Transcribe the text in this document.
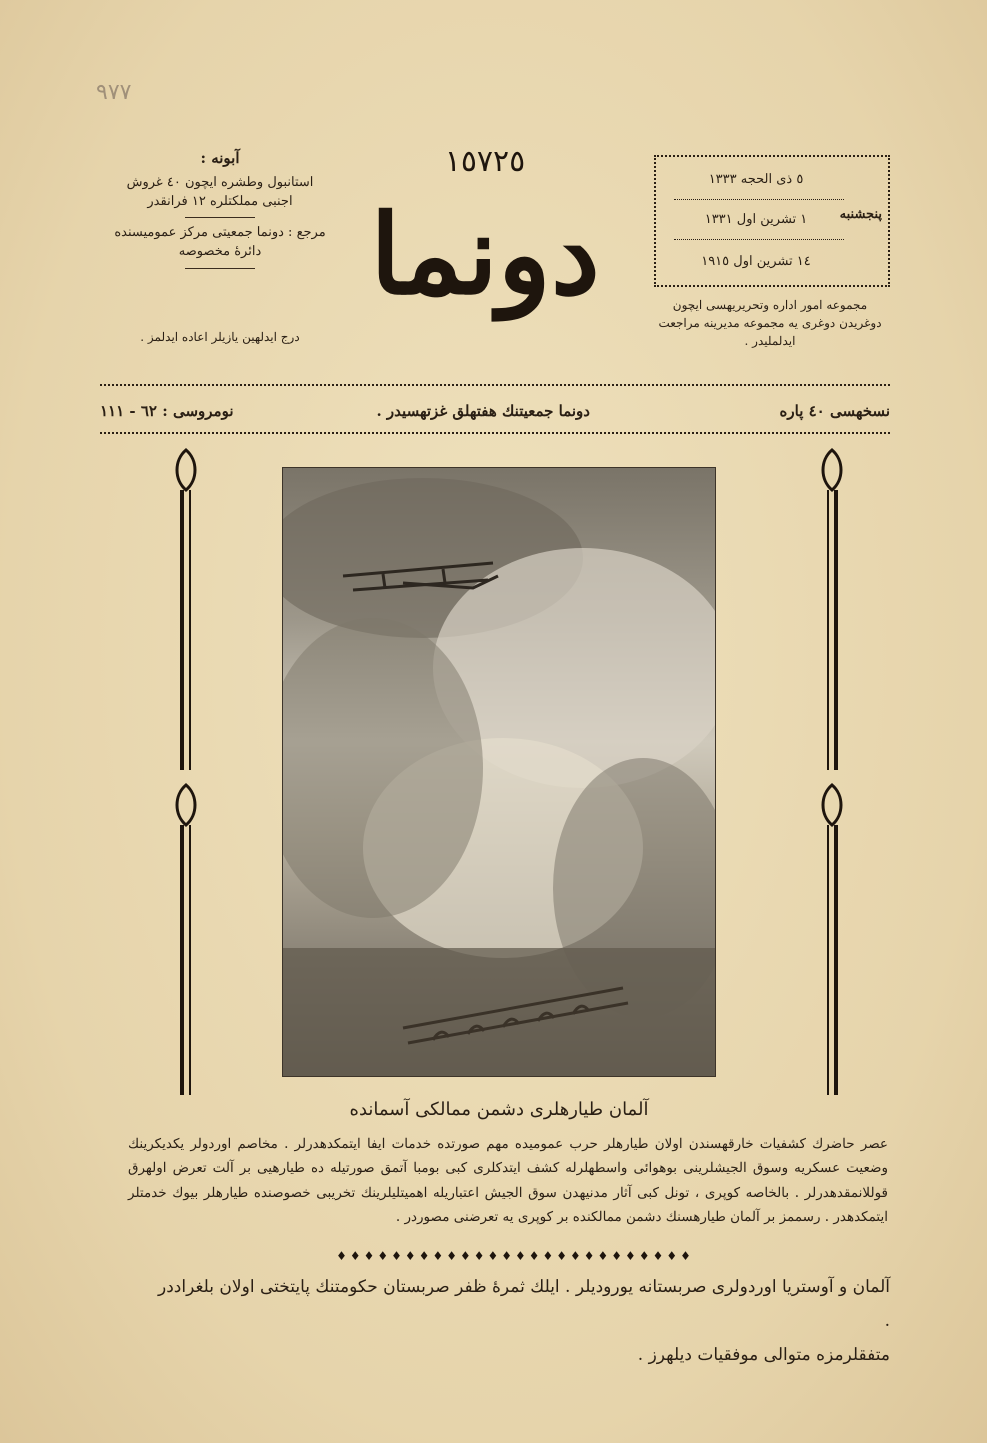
٩٧٧
آبونه :
استانبول وطشره ايچون ٤٠ غروش
اجنبی مملکتلره ١٢ فرانقدر
مرجع : دونما جمعيتی مرکز عموميسنده
دائرهٔ مخصوصه
درج ايدلهين يازيلر اعاده ايدلمز .
١٥٧٢٥
دونما
٥ ذی الحجه ١٣٣٣
پنجشنبه
١ تشرين اول ١٣٣١
١٤ تشرين اول ١٩١٥
مجموعه امور اداره وتحريريهسی ايچون دوغريدن دوغری يه مجموعه مديرينه مراجعت ايدلمليدر .
نسخهسی ٤٠ پاره
دونما جمعيتنك هفتهلق غزتهسيدر .
نومروسی : ٦٢ - ١١١
آلمان طيارهلری دشمن ممالكی آسمانده
عصر حاضرك كشفيات خارقهسندن اولان طيارهلر حرب عموميده مهم صورتده خدمات ايفا ايتمكدهدرلر . مخاصم اوردولر يكديكرينك وضعيت عسكريه وسوق الجيشلرينی بوهوائی واسطهلرله كشف ايتدكلری كبی بومبا آتمق صورتيله ده طيارهيی بر آلت تعرض اولهرق قوللانمقدهدرلر . بالخاصه كوپری ، تونل كبی آثار مدنيهدن سوق الجيش اعتباريله اهميتليلرينك تخريبی خصوصنده طيارهلر بيوك خدمتلر ايتمكدهدر . رسممز بر آلمان طيارهسنك دشمن ممالكنده بر كوپری يه تعرضنی مصوردر .
♦♦♦♦♦♦♦♦♦♦♦♦♦♦♦♦♦♦♦♦♦♦♦♦♦♦
آلمان و آوستريا اوردولری صربستانه يوروديلر . ايلك ثمرهٔ ظفر صربستان حكومتنك پايتختی اولان بلغراددر .
متفقلرمزه متوالی موفقيات ديلهرز .
